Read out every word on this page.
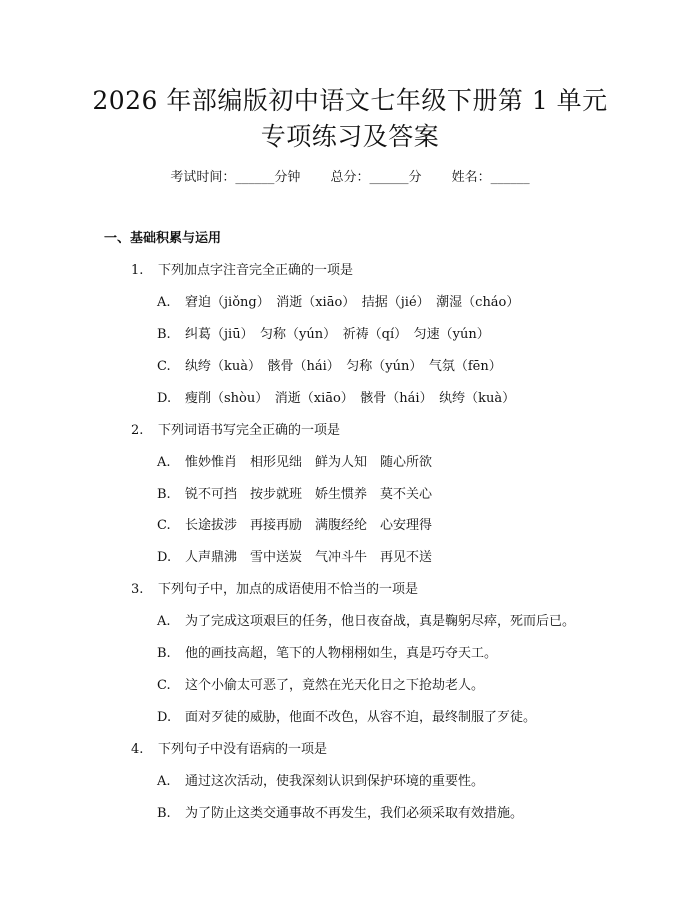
2026 年部编版初中语文七年级下册第 1 单元
专项练习及答案
考试时间：______分钟 总分：______分 姓名：______
一、基础积累与运用
1. 下列加点字注音完全正确的一项是
A. 窘迫（jiǒng）　消逝（xiāo）　拮据（jié）　潮湿（cháo）
B. 纠葛（jiū）　匀称（yún）　祈祷（qí）　匀速（yún）
C. 纨绔（kuà）　骸骨（hái）　匀称（yún）　气氛（fēn）
D. 瘦削（shòu）　消逝（xiāo）　骸骨（hái）　纨绔（kuà）
2. 下列词语书写完全正确的一项是
A. 惟妙惟肖　相形见绌　鲜为人知　随心所欲
B. 锐不可挡　按步就班　娇生惯养　莫不关心
C. 长途拔涉　再接再励　满腹经纶　心安理得
D. 人声鼎沸　雪中送炭　气冲斗牛　再见不送
3. 下列句子中，加点的成语使用不恰当的一项是
A. 为了完成这项艰巨的任务，他日夜奋战，真是鞠躬尽瘁，死而后已。
B. 他的画技高超，笔下的人物栩栩如生，真是巧夺天工。
C. 这个小偷太可恶了，竟然在光天化日之下抢劫老人。
D. 面对歹徒的威胁，他面不改色，从容不迫，最终制服了歹徒。
4. 下列句子中没有语病的一项是
A. 通过这次活动，使我深刻认识到保护环境的重要性。
B. 为了防止这类交通事故不再发生，我们必须采取有效措施。
